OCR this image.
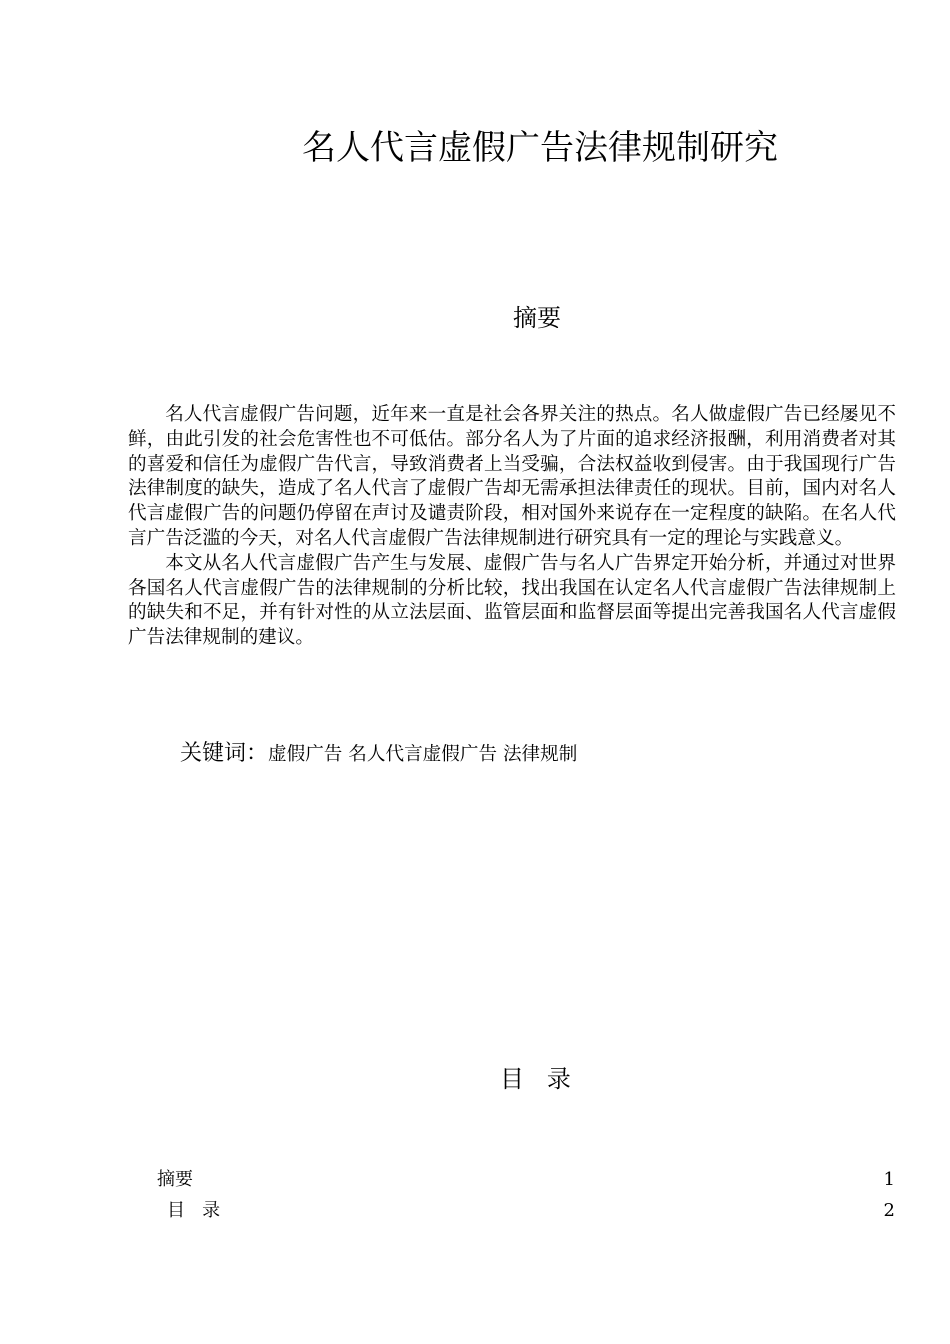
名人代言虚假广告法律规制研究
摘要

名人代言虚假广告问题，近年来一直是社会各界关注的热点。名人做虚假广告已经屡见不鲜，由此引发的社会危害性也不可低估。部分名人为了片面的追求经济报酬，利用消费者对其的喜爱和信任为虚假广告代言，导致消费者上当受骗，合法权益收到侵害。由于我国现行广告法律制度的缺失，造成了名人代言了虚假广告却无需承担法律责任的现状。目前，国内对名人代言虚假广告的问题仍停留在声讨及谴责阶段，相对国外来说存在一定程度的缺陷。在名人代言广告泛滥的今天，对名人代言虚假广告法律规制进行研究具有一定的理论与实践意义。

本文从名人代言虚假广告产生与发展、虚假广告与名人广告界定开始分析，并通过对世界各国名人代言虚假广告的法律规制的分析比较，找出我国在认定名人代言虚假广告法律规制上的缺失和不足，并有针对性的从立法层面、监管层面和监督层面等提出完善我国名人代言虚假广告法律规制的建议。

关键词：虚假广告 名人代言虚假广告 法律规制
目   录
摘要	1
目   录	2
